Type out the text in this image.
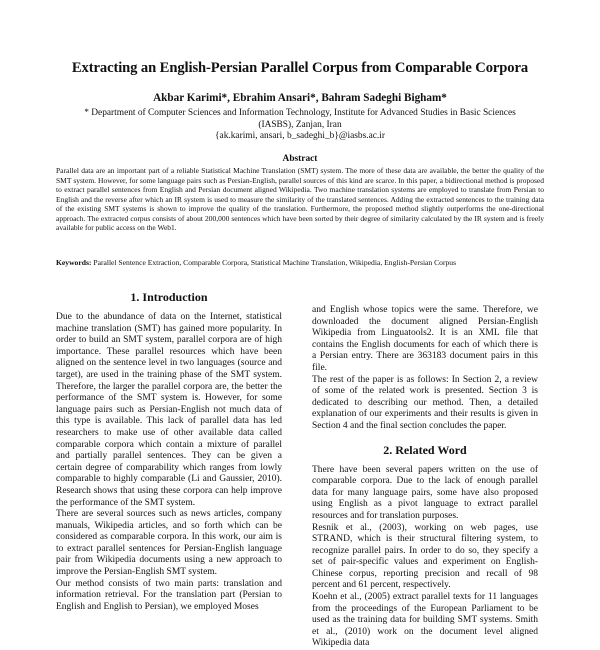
Extracting an English-Persian Parallel Corpus from Comparable Corpora
Akbar Karimi*, Ebrahim Ansari*, Bahram Sadeghi Bigham*
* Department of Computer Sciences and Information Technology, Institute for Advanced Studies in Basic Sciences
(IASBS), Zanjan, Iran
{ak.karimi, ansari, b_sadeghi_b}@iasbs.ac.ir
Abstract
Parallel data are an important part of a reliable Statistical Machine Translation (SMT) system. The more of these data are available, the better the quality of the SMT system. However, for some language pairs such as Persian-English, parallel sources of this kind are scarce. In this paper, a bidirectional method is proposed to extract parallel sentences from English and Persian document aligned Wikipedia. Two machine translation systems are employed to translate from Persian to English and the reverse after which an IR system is used to measure the similarity of the translated sentences. Adding the extracted sentences to the training data of the existing SMT systems is shown to improve the quality of the translation. Furthermore, the proposed method slightly outperforms the one-directional approach. The extracted corpus consists of about 200,000 sentences which have been sorted by their degree of similarity calculated by the IR system and is freely available for public access on the Web1.
Keywords: Parallel Sentence Extraction, Comparable Corpora, Statistical Machine Translation, Wikipedia, English-Persian Corpus
1. Introduction
Due to the abundance of data on the Internet, statistical machine translation (SMT) has gained more popularity. In order to build an SMT system, parallel corpora are of high importance. These parallel resources which have been aligned on the sentence level in two languages (source and target), are used in the training phase of the SMT system. Therefore, the larger the parallel corpora are, the better the performance of the SMT system is. However, for some language pairs such as Persian-English not much data of this type is available. This lack of parallel data has led researchers to make use of other available data called comparable corpora which contain a mixture of parallel and partially parallel sentences. They can be given a certain degree of comparability which ranges from lowly comparable to highly comparable (Li and Gaussier, 2010). Research shows that using these corpora can help improve the performance of the SMT system.
There are several sources such as news articles, company manuals, Wikipedia articles, and so forth which can be considered as comparable corpora. In this work, our aim is to extract parallel sentences for Persian-English language pair from Wikipedia documents using a new approach to improve the Persian-English SMT system.
Our method consists of two main parts: translation and information retrieval. For the translation part (Persian to English and English to Persian), we employed Moses
and English whose topics were the same. Therefore, we downloaded the document aligned Persian-English Wikipedia from Linguatools2. It is an XML file that contains the English documents for each of which there is a Persian entry. There are 363183 document pairs in this file.
The rest of the paper is as follows: In Section 2, a review of some of the related work is presented. Section 3 is dedicated to describing our method. Then, a detailed explanation of our experiments and their results is given in Section 4 and the final section concludes the paper.
2. Related Word
There have been several papers written on the use of comparable corpora. Due to the lack of enough parallel data for many language pairs, some have also proposed using English as a pivot language to extract parallel resources and for translation purposes.
Resnik et al., (2003), working on web pages, use STRAND, which is their structural filtering system, to recognize parallel pairs. In order to do so, they specify a set of pair-specific values and experiment on English-Chinese corpus, reporting precision and recall of 98 percent and 61 percent, respectively.
Koehn et al., (2005) extract parallel texts for 11 languages from the proceedings of the European Parliament to be used as the training data for building SMT systems. Smith et al., (2010) work on the document level aligned Wikipedia data
